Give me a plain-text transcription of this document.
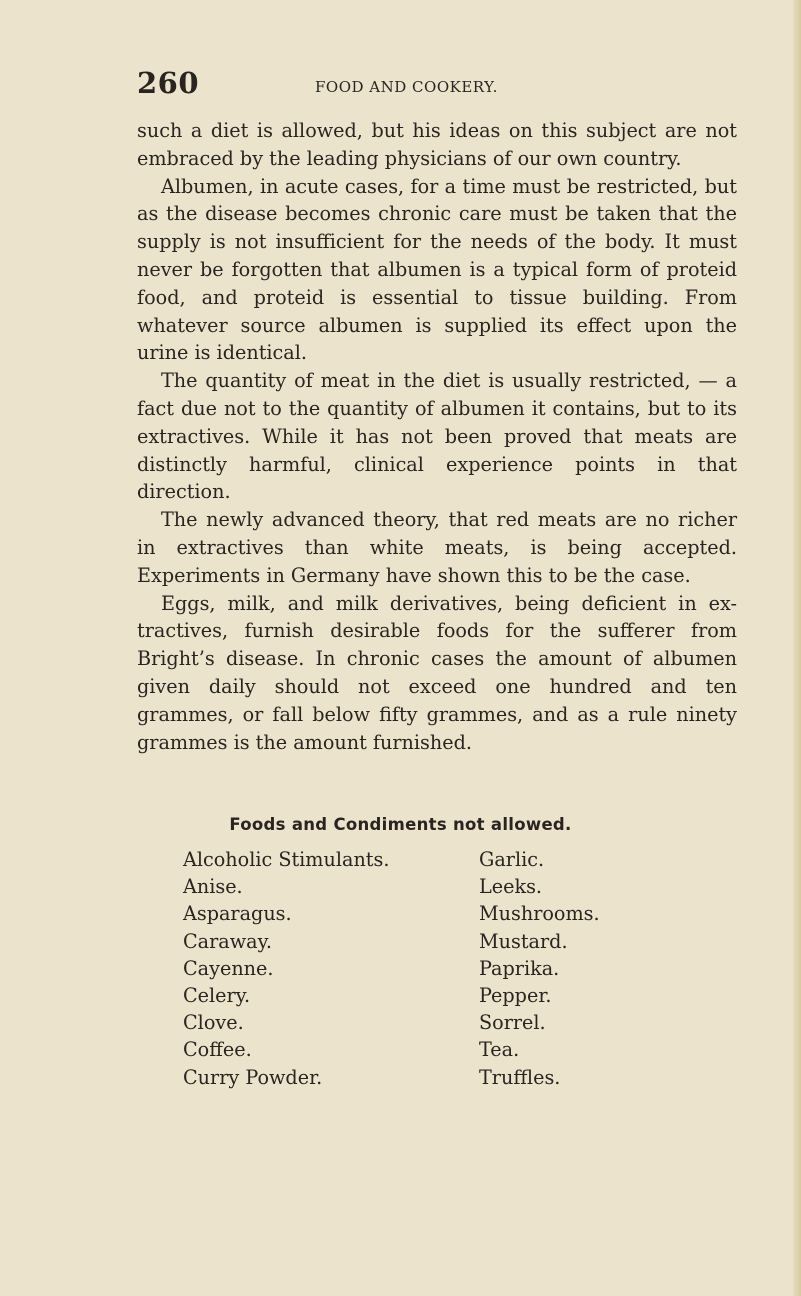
260	FOOD AND COOKERY.

such a diet is allowed, but his ideas on this subject are not embraced by the leading physicians of our own country.

Albumen, in acute cases, for a time must be restricted, but as the disease becomes chronic care must be taken that the supply is not insufficient for the needs of the body. It must never be forgotten that albumen is a typical form of proteid food, and proteid is essential to tissue building. From whatever source albumen is supplied its effect upon the urine is identical.

The quantity of meat in the diet is usually restricted, — a fact due not to the quantity of albumen it contains, but to its extractives. While it has not been proved that meats are distinctly harmful, clinical experience points in that direction.

The newly advanced theory, that red meats are no richer in extractives than white meats, is being accepted. Experiments in Germany have shown this to be the case.

Eggs, milk, and milk derivatives, being deficient in ex-tractives, furnish desirable foods for the sufferer from Bright’s disease. In chronic cases the amount of albumen given daily should not exceed one hundred and ten grammes, or fall below fifty grammes, and as a rule ninety grammes is the amount furnished.

Foods and Condiments not allowed.
Alcoholic Stimulants.
Anise.
Asparagus.
Caraway.
Cayenne.
Celery.
Clove.
Coffee.
Curry Powder.
Garlic.
Leeks.
Mushrooms.
Mustard.
Paprika.
Pepper.
Sorrel.
Tea.
Truffles.
